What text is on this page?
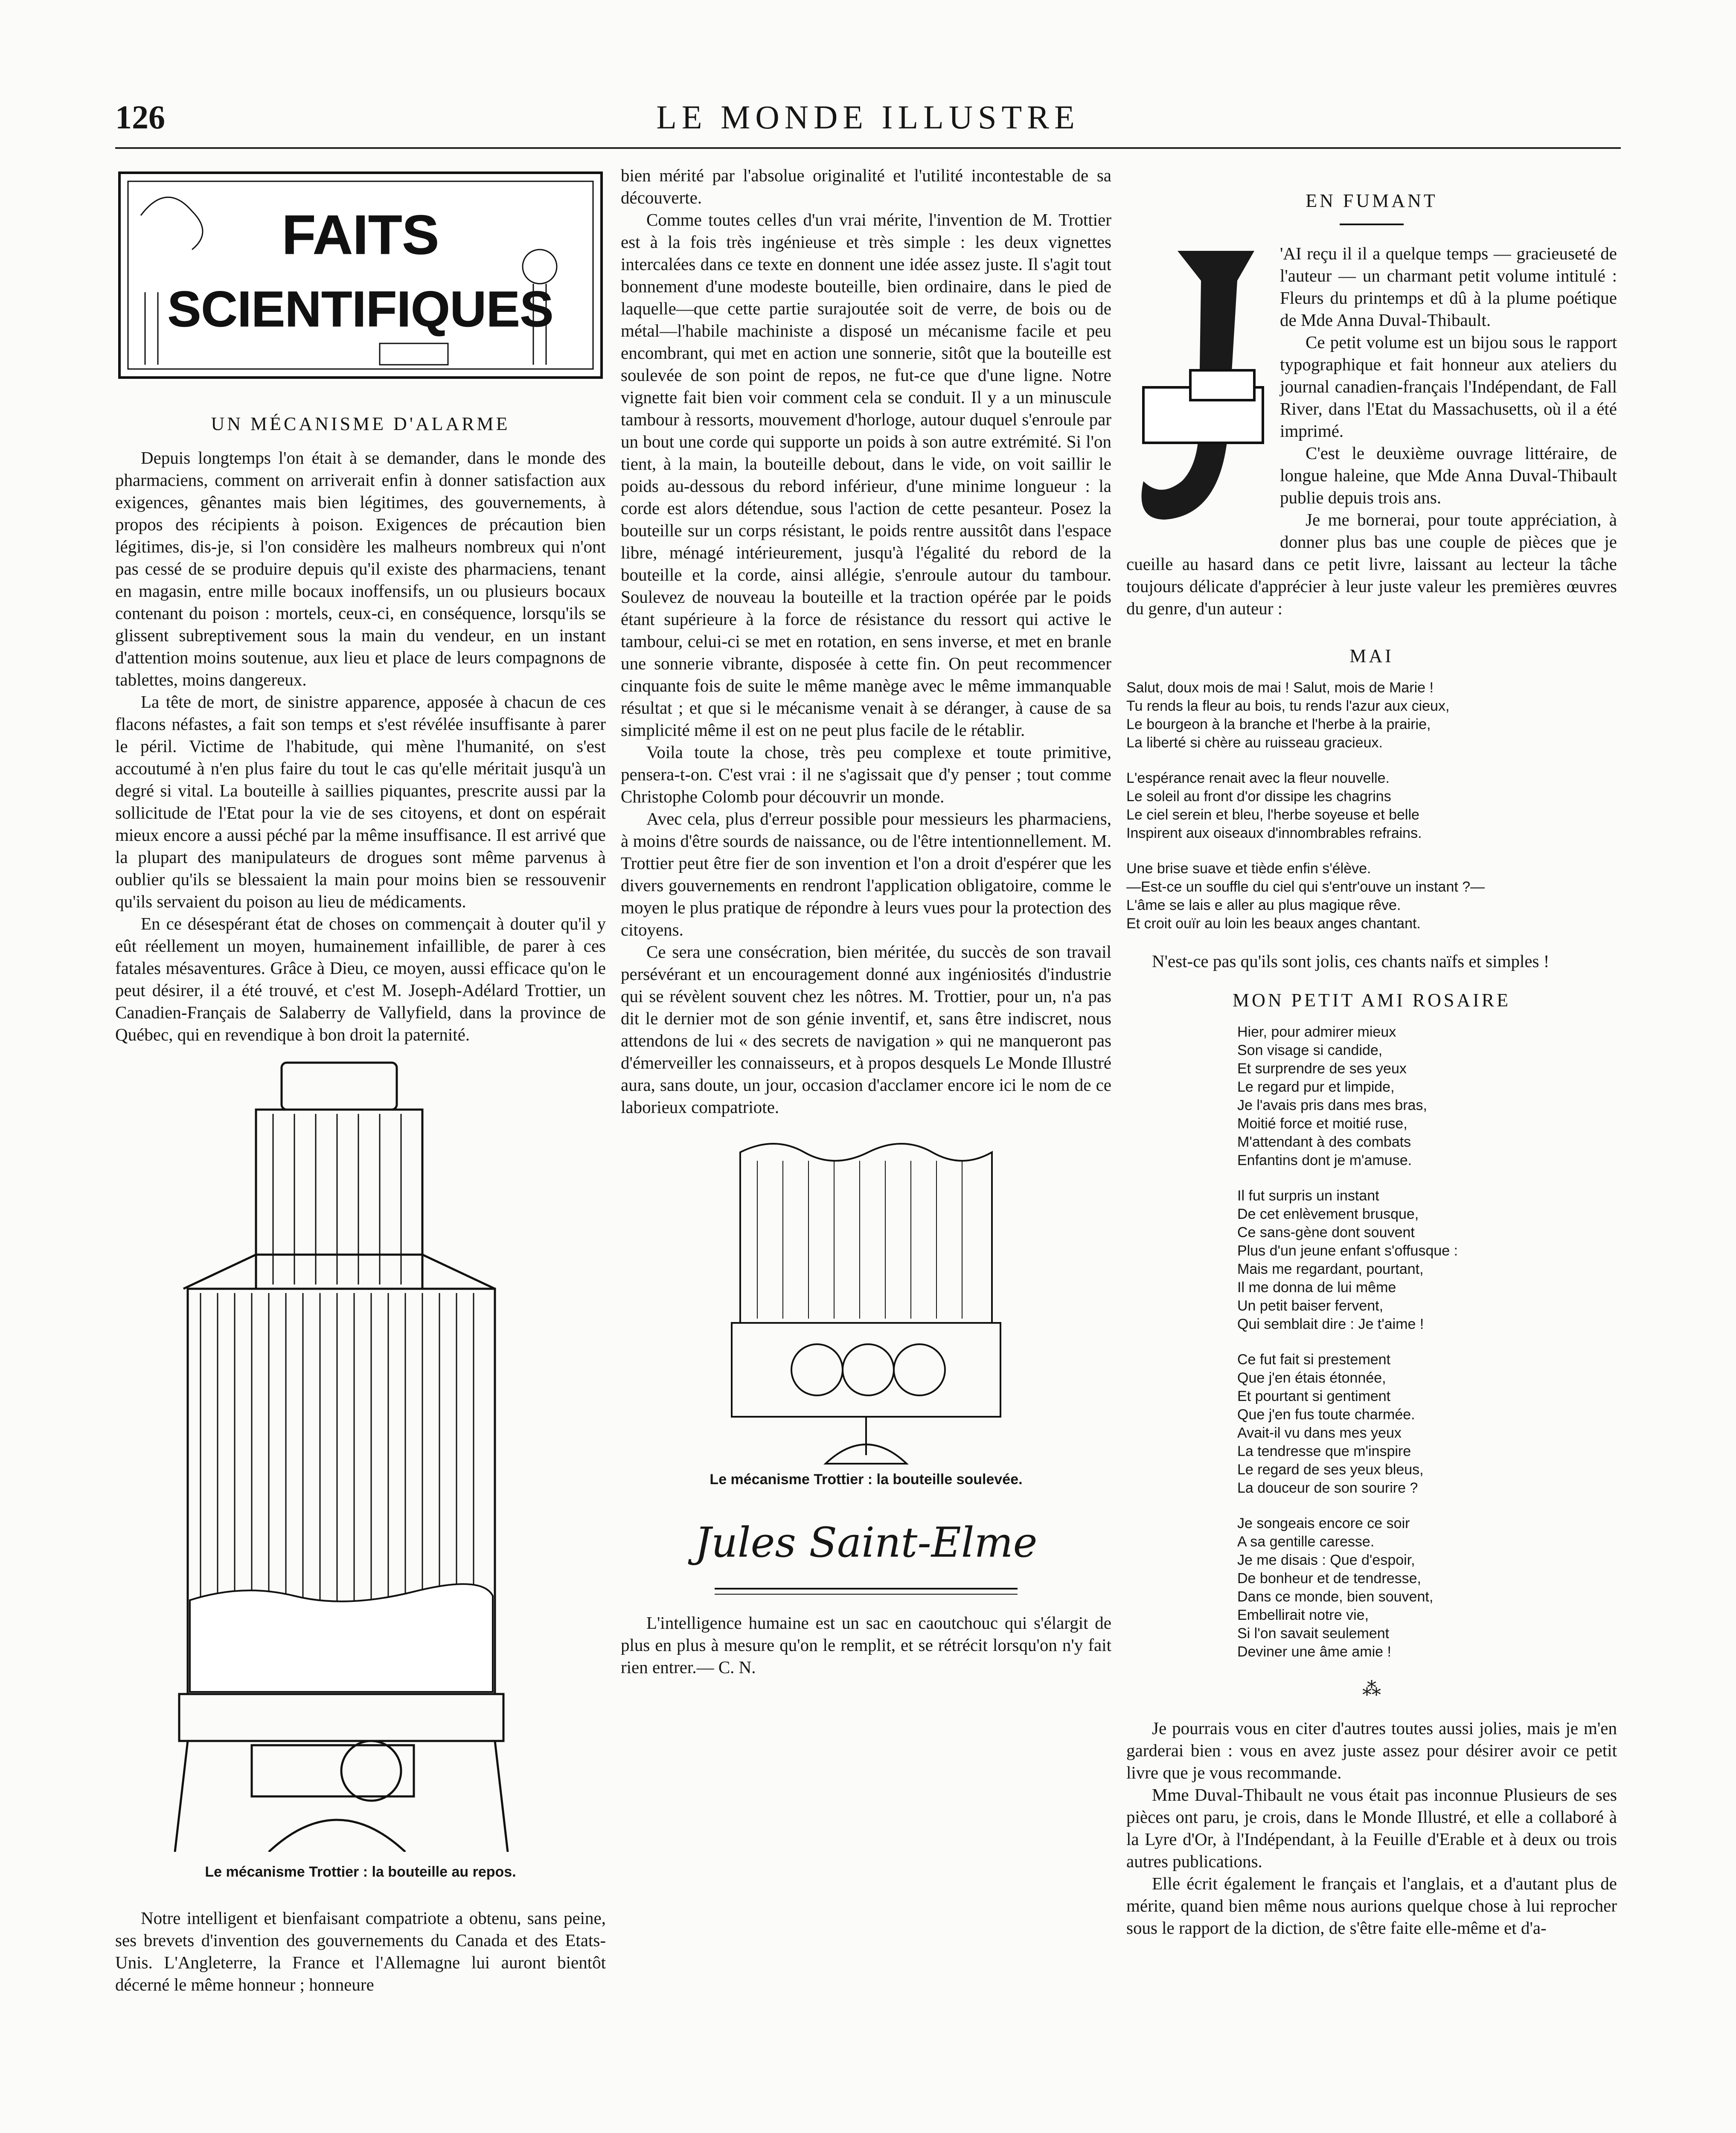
126	LE MONDE ILLUSTRE
FAITS
SCIENTIFIQUES
UN MÉCANISME D'ALARME

Depuis longtemps l'on était à se demander, dans le monde des pharmaciens, comment on arriverait enfin à donner satisfaction aux exigences, gênantes mais bien légitimes, des gouvernements, à propos des récipients à poison. Exigences de précaution bien légitimes, dis-je, si l'on considère les malheurs nombreux qui n'ont pas cessé de se produire depuis qu'il existe des pharmaciens, tenant en magasin, entre mille bocaux inoffensifs, un ou plusieurs bocaux contenant du poison : mortels, ceux-ci, en conséquence, lorsqu'ils se glissent subreptivement sous la main du vendeur, en un instant d'attention moins soutenue, aux lieu et place de leurs compagnons de tablettes, moins dangereux.

La tête de mort, de sinistre apparence, apposée à chacun de ces flacons néfastes, a fait son temps et s'est révélée insuffisante à parer le péril. Victime de l'habitude, qui mène l'humanité, on s'est accoutumé à n'en plus faire du tout le cas qu'elle méritait jusqu'à un degré si vital. La bouteille à saillies piquantes, prescrite aussi par la sollicitude de l'Etat pour la vie de ses citoyens, et dont on espérait mieux encore a aussi péché par la même insuffisance. Il est arrivé que la plupart des manipulateurs de drogues sont même parvenus à oublier qu'ils se blessaient la main pour moins bien se ressouvenir qu'ils servaient du poison au lieu de médicaments.

En ce désespérant état de choses on commençait à douter qu'il y eût réellement un moyen, humainement infaillible, de parer à ces fatales mésaventures. Grâce à Dieu, ce moyen, aussi efficace qu'on le peut désirer, il a été trouvé, et c'est M. Joseph-Adélard Trottier, un Canadien-Français de Salaberry de Vallyfield, dans la province de Québec, qui en revendique à bon droit la paternité.

Le mécanisme Trottier : la bouteille au repos.

Notre intelligent et bienfaisant compatriote a obtenu, sans peine, ses brevets d'invention des gouvernements du Canada et des Etats-Unis. L'Angleterre, la France et l'Allemagne lui auront bientôt décerné le même honneur ; honneure

bien mérité par l'absolue originalité et l'utilité incontestable de sa découverte.

Comme toutes celles d'un vrai mérite, l'invention de M. Trottier est à la fois très ingénieuse et très simple : les deux vignettes intercalées dans ce texte en donnent une idée assez juste. Il s'agit tout bonnement d'une modeste bouteille, bien ordinaire, dans le pied de laquelle—que cette partie surajoutée soit de verre, de bois ou de métal—l'habile machiniste a disposé un mécanisme facile et peu encombrant, qui met en action une sonnerie, sitôt que la bouteille est soulevée de son point de repos, ne fut-ce que d'une ligne. Notre vignette fait bien voir comment cela se conduit. Il y a un minuscule tambour à ressorts, mouvement d'horloge, autour duquel s'enroule par un bout une corde qui supporte un poids à son autre extrémité. Si l'on tient, à la main, la bouteille debout, dans le vide, on voit saillir le poids au-dessous du rebord inférieur, d'une minime longueur : la corde est alors détendue, sous l'action de cette pesanteur. Posez la bouteille sur un corps résistant, le poids rentre aussitôt dans l'espace libre, ménagé intérieurement, jusqu'à l'égalité du rebord de la bouteille et la corde, ainsi allégie, s'enroule autour du tambour. Soulevez de nouveau la bouteille et la traction opérée par le poids étant supérieure à la force de résistance du ressort qui active le tambour, celui-ci se met en rotation, en sens inverse, et met en branle une sonnerie vibrante, disposée à cette fin. On peut recommencer cinquante fois de suite le même manège avec le même immanquable résultat ; et que si le mécanisme venait à se déranger, à cause de sa simplicité même il est on ne peut plus facile de le rétablir.

Voila toute la chose, très peu complexe et toute primitive, pensera-t-on. C'est vrai : il ne s'agissait que d'y penser ; tout comme Christophe Colomb pour découvrir un monde.

Avec cela, plus d'erreur possible pour messieurs les pharmaciens, à moins d'être sourds de naissance, ou de l'être intentionnellement. M. Trottier peut être fier de son invention et l'on a droit d'espérer que les divers gouvernements en rendront l'application obligatoire, comme le moyen le plus pratique de répondre à leurs vues pour la protection des citoyens.

Ce sera une consécration, bien méritée, du succès de son travail persévérant et un encouragement donné aux ingéniosités d'industrie qui se révèlent souvent chez les nôtres. M. Trottier, pour un, n'a pas dit le dernier mot de son génie inventif, et, sans être indiscret, nous attendons de lui « des secrets de navigation » qui ne manqueront pas d'émerveiller les connaisseurs, et à propos desquels Le Monde Illustré aura, sans doute, un jour, occasion d'acclamer encore ici le nom de ce laborieux compatriote.

Le mécanisme Trottier : la bouteille soulevée.
Jules Saint-Elme

L'intelligence humaine est un sac en caoutchouc qui s'élargit de plus en plus à mesure qu'on le remplit, et se rétrécit lorsqu'on n'y fait rien entrer.— C. N.

EN FUMANT

'AI reçu il il a quelque temps — gracieuseté de l'auteur — un charmant petit volume intitulé : Fleurs du printemps et dû à la plume poétique de Mde Anna Duval-Thibault.

Ce petit volume est un bijou sous le rapport typographique et fait honneur aux ateliers du journal canadien-français l'Indépendant, de Fall River, dans l'Etat du Massachusetts, où il a été imprimé.

C'est le deuxième ouvrage littéraire, de longue haleine, que Mde Anna Duval-Thibault publie depuis trois ans.

Je me bornerai, pour toute appréciation, à donner plus bas une couple de pièces que je cueille au hasard dans ce petit livre, laissant au lecteur la tâche toujours délicate d'apprécier à leur juste valeur les premières œuvres du genre, d'un auteur :

MAI
Salut, doux mois de mai ! Salut, mois de Marie !
Tu rends la fleur au bois, tu rends l'azur aux cieux,
Le bourgeon à la branche et l'herbe à la prairie,
La liberté si chère au ruisseau gracieux.
L'espérance renait avec la fleur nouvelle.
Le soleil au front d'or dissipe les chagrins
Le ciel serein et bleu, l'herbe soyeuse et belle
Inspirent aux oiseaux d'innombrables refrains.
Une brise suave et tiède enfin s'élève.
—Est-ce un souffle du ciel qui s'entr'ouve un instant ?—
L'âme se lais e aller au plus magique rêve.
Et croit ouïr au loin les beaux anges chantant.

N'est-ce pas qu'ils sont jolis, ces chants naïfs et simples !

MON PETIT AMI ROSAIRE
Hier, pour admirer mieux
Son visage si candide,
Et surprendre de ses yeux
Le regard pur et limpide,
Je l'avais pris dans mes bras,
Moitié force et moitié ruse,
M'attendant à des combats
Enfantins dont je m'amuse.
Il fut surpris un instant
De cet enlèvement brusque,
Ce sans-gène dont souvent
Plus d'un jeune enfant s'offusque :
Mais me regardant, pourtant,
Il me donna de lui même
Un petit baiser fervent,
Qui semblait dire : Je t'aime !
Ce fut fait si prestement
Que j'en étais étonnée,
Et pourtant si gentiment
Que j'en fus toute charmée.
Avait-il vu dans mes yeux
La tendresse que m'inspire
Le regard de ses yeux bleus,
La douceur de son sourire ?
Je songeais encore ce soir
A sa gentille caresse.
Je me disais : Que d'espoir,
De bonheur et de tendresse,
Dans ce monde, bien souvent,
Embellirait notre vie,
Si l'on savait seulement
Deviner une âme amie !
⁂

Je pourrais vous en citer d'autres toutes aussi jolies, mais je m'en garderai bien : vous en avez juste assez pour désirer avoir ce petit livre que je vous recommande.

Mme Duval-Thibault ne vous était pas inconnue Plusieurs de ses pièces ont paru, je crois, dans le Monde Illustré, et elle a collaboré à la Lyre d'Or, à l'Indépendant, à la Feuille d'Erable et à deux ou trois autres publications.

Elle écrit également le français et l'anglais, et a d'autant plus de mérite, quand bien même nous aurions quelque chose à lui reprocher sous le rapport de la diction, de s'être faite elle-même et d'a-
